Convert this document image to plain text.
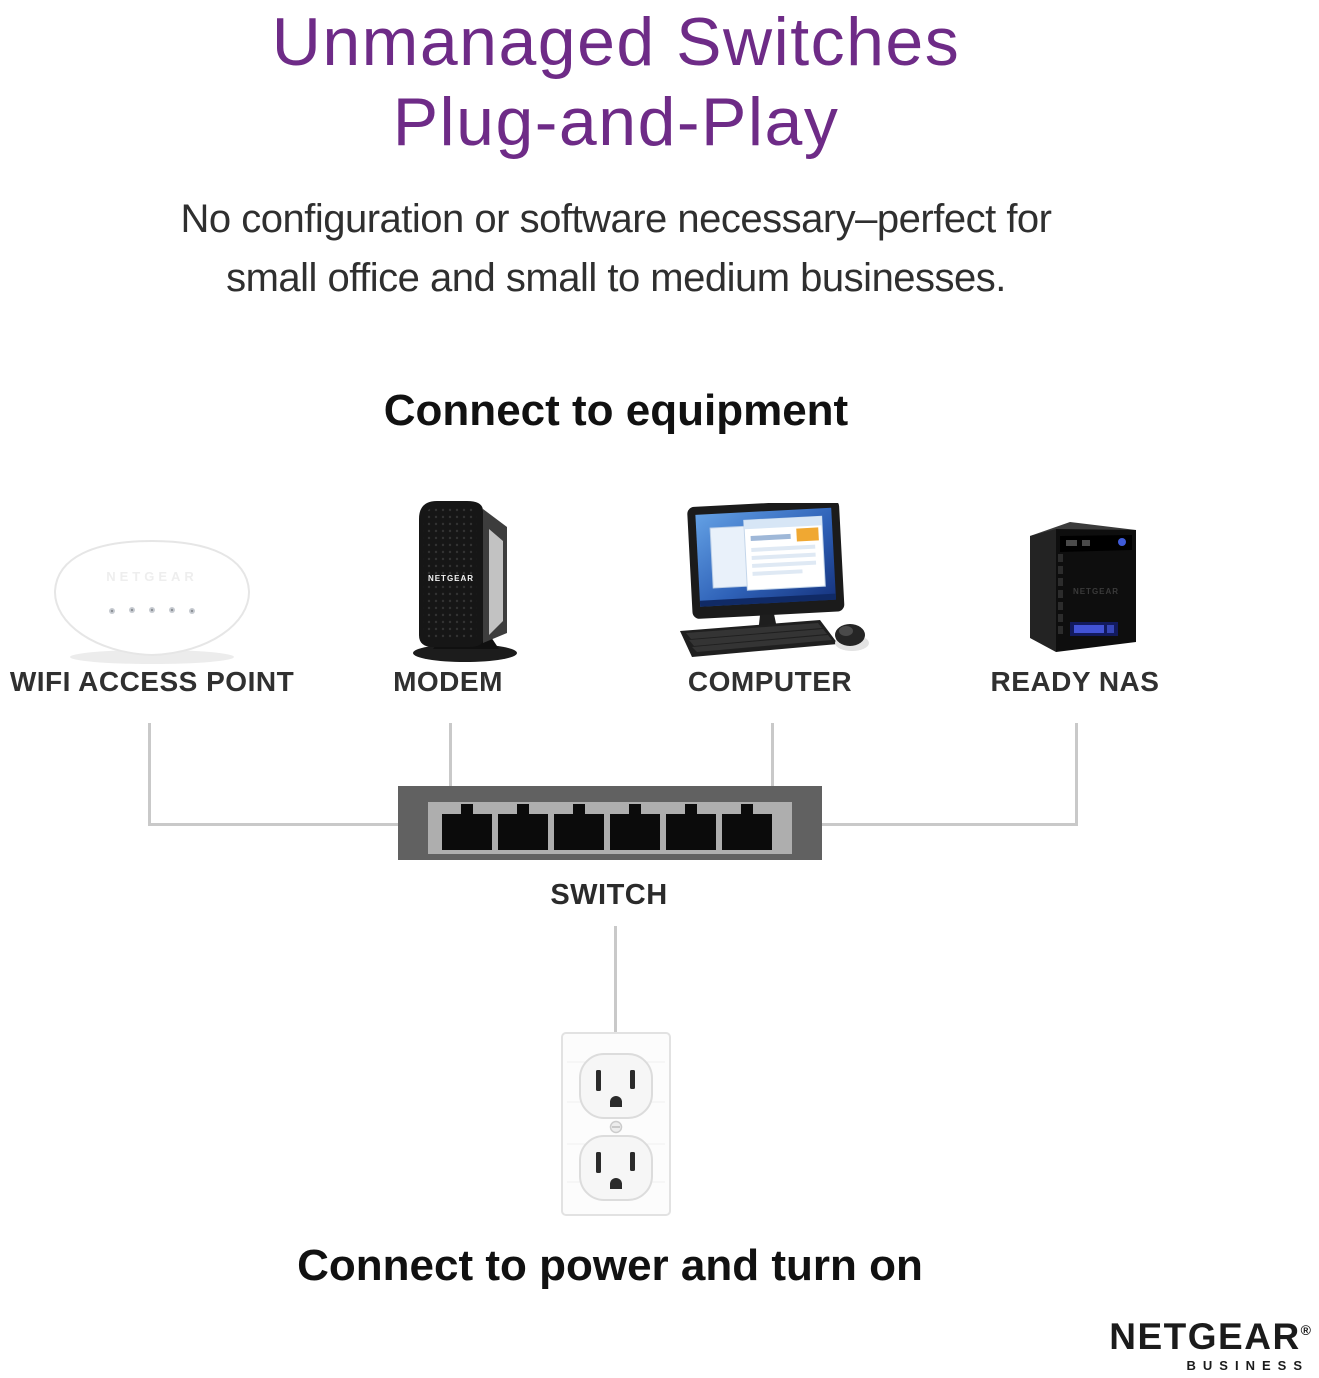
Unmanaged Switches
Plug-and-Play
No configuration or software necessary–perfect for
small office and small to medium businesses.
Connect to equipment
NETGEAR	NETGEAR
NETGEAR
WIFI ACCESS POINT	MODEM	COMPUTER	READY NAS
SWITCH
Connect to power and turn on
NETGEAR®
BUSINESS
